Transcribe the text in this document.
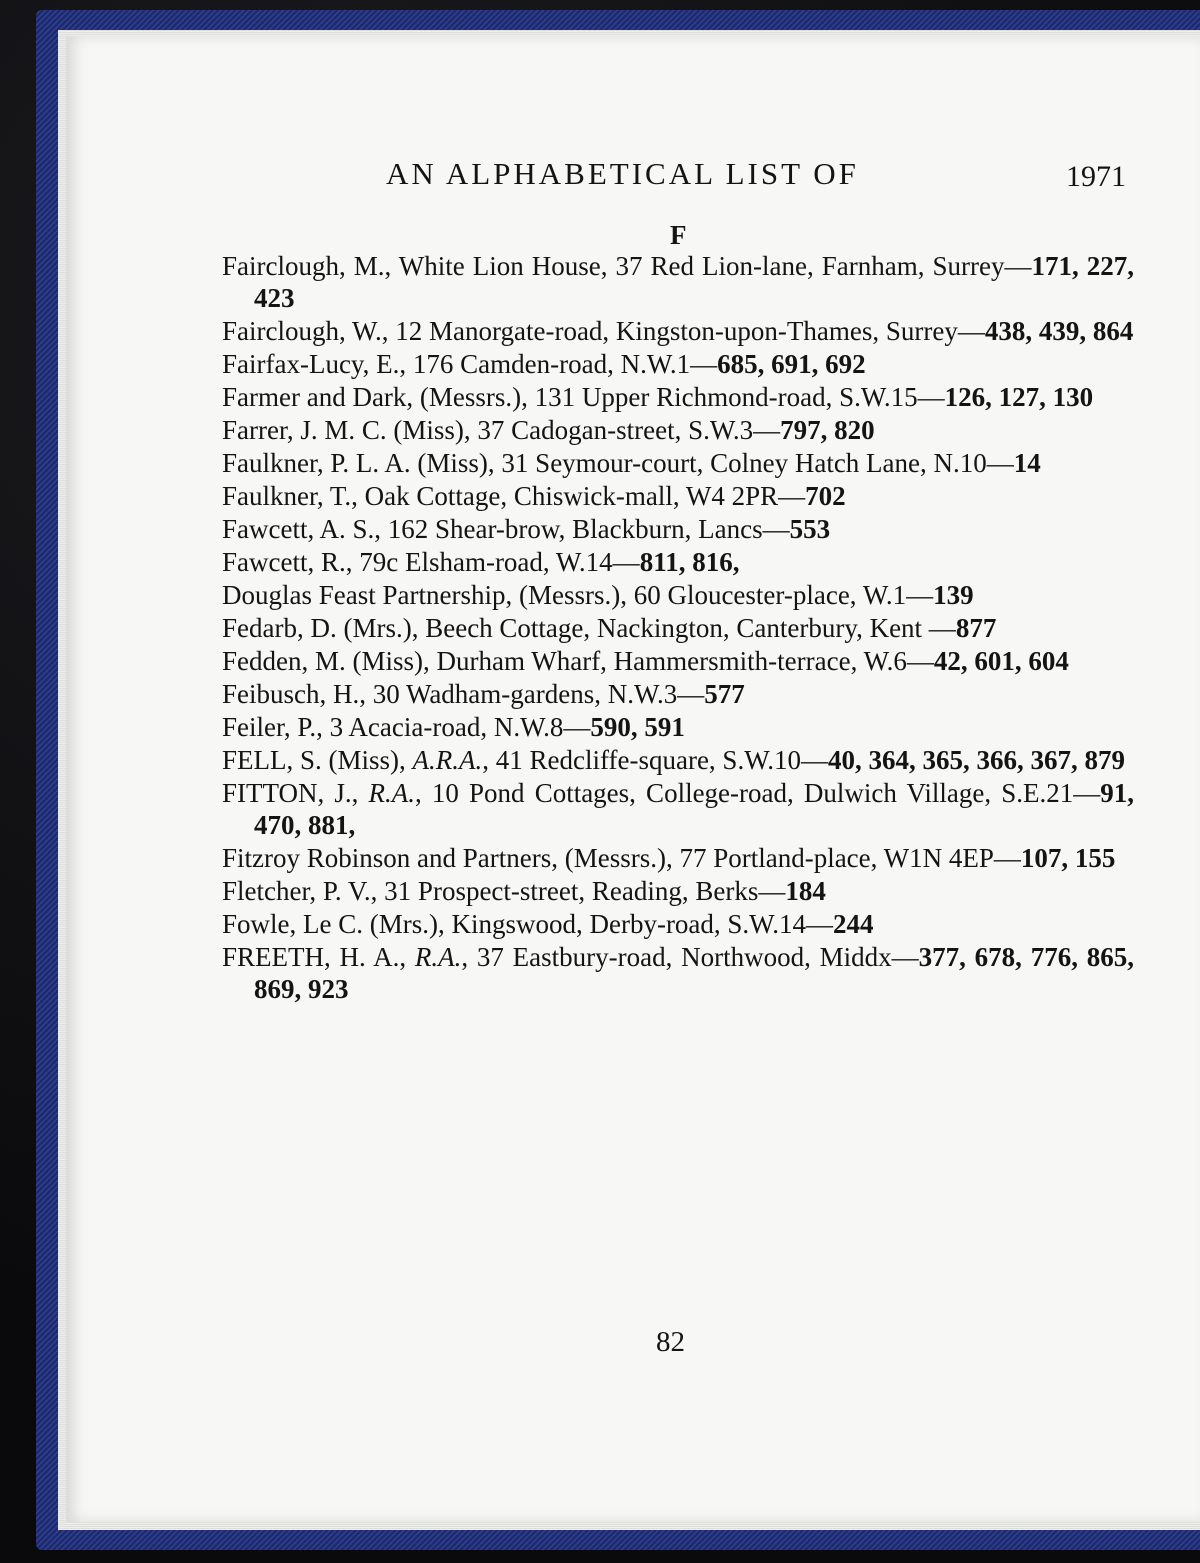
AN ALPHABETICAL LIST OF	1971
F
Fairclough, M., White Lion House, 37 Red Lion-lane, Farnham, Surrey—171, 227, 423
Fairclough, W., 12 Manorgate-road, Kingston-upon-Thames, Surrey—438, 439, 864
Fairfax-Lucy, E., 176 Camden-road, N.W.1—685, 691, 692
Farmer and Dark, (Messrs.), 131 Upper Richmond-road, S.W.15—126, 127, 130
Farrer, J. M. C. (Miss), 37 Cadogan-street, S.W.3—797, 820
Faulkner, P. L. A. (Miss), 31 Seymour-court, Colney Hatch Lane, N.10—14
Faulkner, T., Oak Cottage, Chiswick-mall, W4 2PR—702
Fawcett, A. S., 162 Shear-brow, Blackburn, Lancs—553
Fawcett, R., 79c Elsham-road, W.14—811, 816,
Douglas Feast Partnership, (Messrs.), 60 Gloucester-place, W.1—139
Fedarb, D. (Mrs.), Beech Cottage, Nackington, Canterbury, Kent —877
Fedden, M. (Miss), Durham Wharf, Hammersmith-terrace, W.6—42, 601, 604
Feibusch, H., 30 Wadham-gardens, N.W.3—577
Feiler, P., 3 Acacia-road, N.W.8—590, 591
FELL, S. (Miss), A.R.A., 41 Redcliffe-square, S.W.10—40, 364, 365, 366, 367, 879
FITTON, J., R.A., 10 Pond Cottages, College-road, Dulwich Village, S.E.21—91, 470, 881,
Fitzroy Robinson and Partners, (Messrs.), 77 Portland-place, W1N 4EP—107, 155
Fletcher, P. V., 31 Prospect-street, Reading, Berks—184
Fowle, Le C. (Mrs.), Kingswood, Derby-road, S.W.14—244
FREETH, H. A., R.A., 37 Eastbury-road, Northwood, Middx—377, 678, 776, 865, 869, 923
82
